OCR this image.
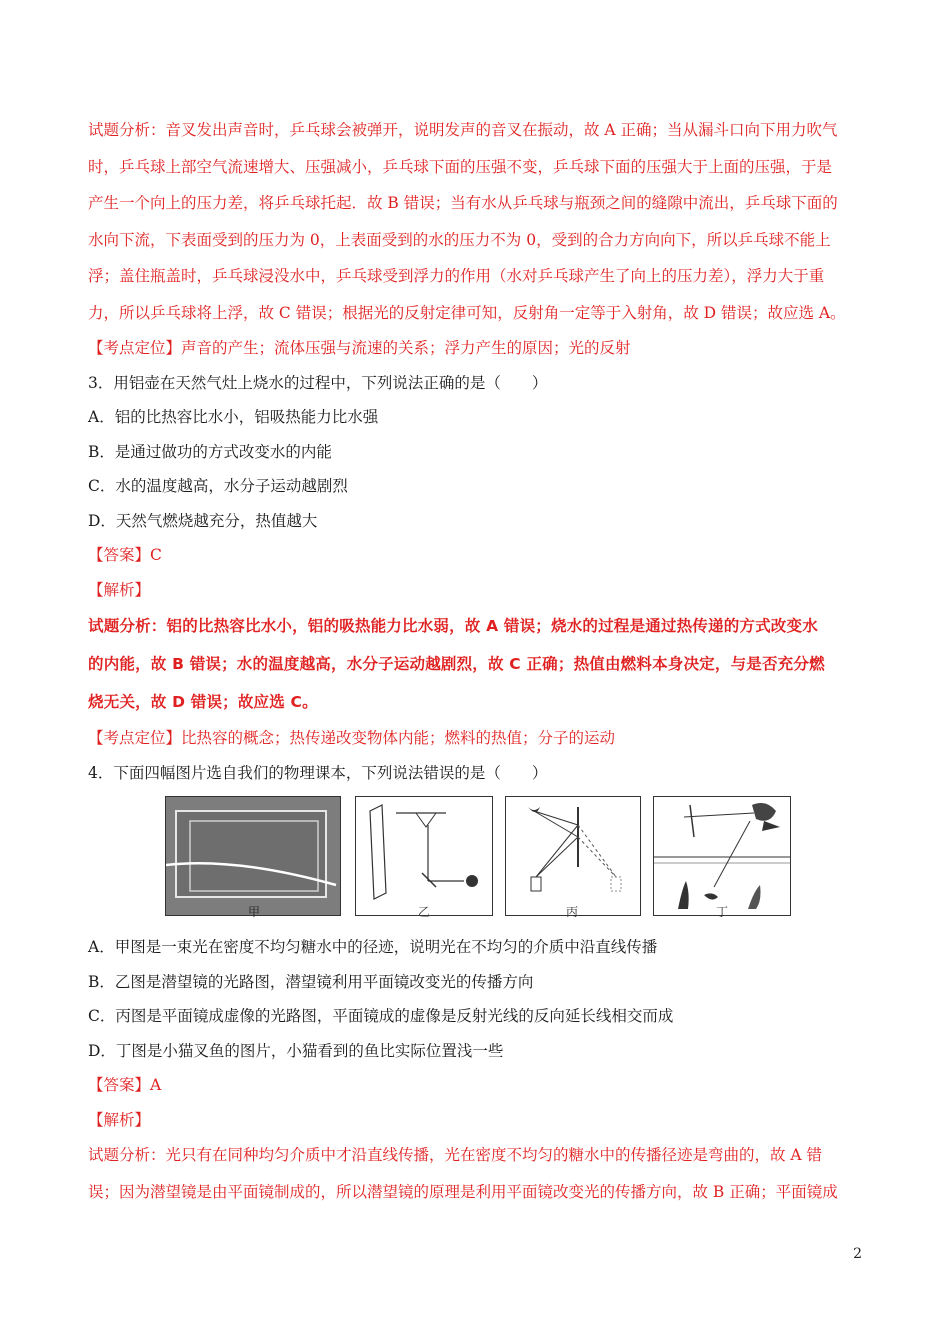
试题分析：音叉发出声音时，乒乓球会被弹开，说明发声的音叉在振动，故 A 正确；当从漏斗口向下用力吹气

时，乒乓球上部空气流速增大、压强减小，乒乓球下面的压强不变，乒乓球下面的压强大于上面的压强，于是

产生一个向上的压力差，将乒乓球托起．故 B 错误；当有水从乒乓球与瓶颈之间的缝隙中流出，乒乓球下面的

水向下流，下表面受到的压力为 0，上表面受到的水的压力不为 0，受到的合力方向向下，所以乒乓球不能上

浮；盖住瓶盖时，乒乓球浸没水中，乒乓球受到浮力的作用（水对乒乓球产生了向上的压力差），浮力大于重

力，所以乒乓球将上浮，故 C 错误；根据光的反射定律可知，反射角一定等于入射角，故 D 错误；故应选 A。

【考点定位】声音的产生；流体压强与流速的关系；浮力产生的原因；光的反射

3．用铝壶在天然气灶上烧水的过程中，下列说法正确的是（　　）

A．铝的比热容比水小，铝吸热能力比水强

B．是通过做功的方式改变水的内能

C．水的温度越高，水分子运动越剧烈

D．天然气燃烧越充分，热值越大

【答案】C

【解析】

试题分析：铝的比热容比水小，铝的吸热能力比水弱，故 A 错误；烧水的过程是通过热传递的方式改变水

的内能，故 B 错误；水的温度越高，水分子运动越剧烈，故 C 正确；热值由燃料本身决定，与是否充分燃

烧无关，故 D 错误；故应选 C。

【考点定位】比热容的概念；热传递改变物体内能；燃料的热值；分子的运动

4．下面四幅图片选自我们的物理课本，下列说法错误的是（　　）

甲	乙	丙	丁

A．甲图是一束光在密度不均匀糖水中的径迹，说明光在不均匀的介质中沿直线传播

B．乙图是潜望镜的光路图，潜望镜利用平面镜改变光的传播方向

C．丙图是平面镜成虚像的光路图，平面镜成的虚像是反射光线的反向延长线相交而成

D．丁图是小猫叉鱼的图片，小猫看到的鱼比实际位置浅一些

【答案】A

【解析】

试题分析：光只有在同种均匀介质中才沿直线传播，光在密度不均匀的糖水中的传播径迹是弯曲的，故 A 错

误；因为潜望镜是由平面镜制成的，所以潜望镜的原理是利用平面镜改变光的传播方向，故 B 正确；平面镜成

2
